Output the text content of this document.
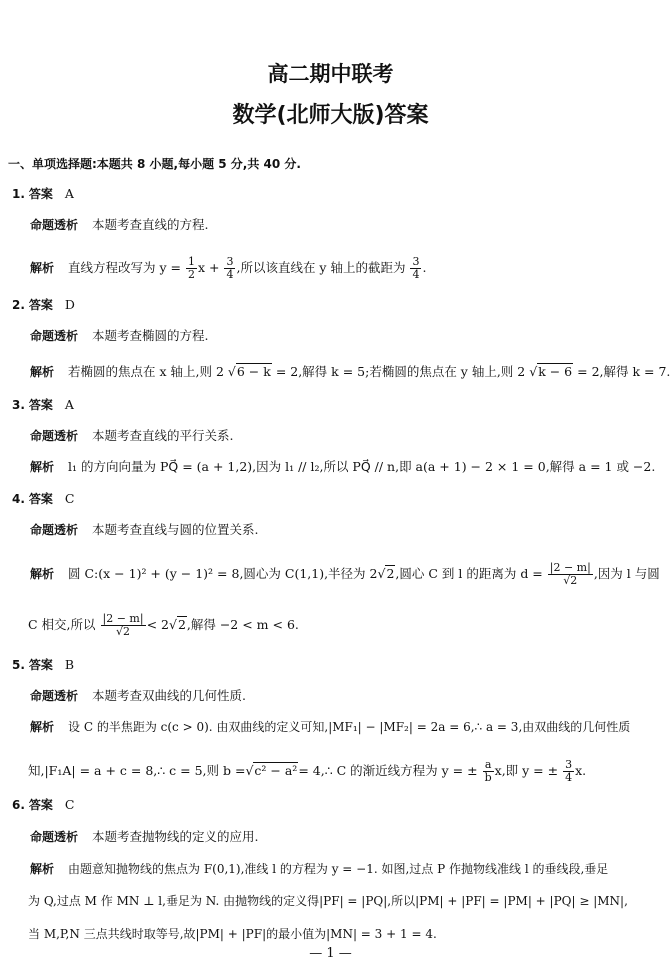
高二期中联考
数学(北师大版)答案
一、单项选择题:本题共 8 小题,每小题 5 分,共 40 分.
1. 答案 A
命题透析 本题考查直线的方程.
解析 直线方程改写为 $y = \frac{1}{2}$ $x + \frac{3}{4}$ ,所以该直线在 y 轴上的截距为 $\frac{3}{4}$ .
2. 答案 D
命题透析 本题考查椭圆的方程.
解析 若椭圆的焦点在 x 轴上,则 2 √6 − k = 2,解得 k = 5;若椭圆的焦点在 y 轴上,则 2 √k − 6 = 2,解得 k = 7.
3. 答案 A
命题透析 本题考查直线的平行关系.
解析 l₁ 的方向向量为 PQ⃗ = (a + 1,2),因为 l₁ // l₂,所以 PQ⃗ // n,即 a(a + 1) − 2 × 1 = 0,解得 a = 1 或 −2.
4. 答案 C
命题透析 本题考查直线与圆的位置关系.
解析 圆 C:(x − 1)² + (y − 1)² = 8,圆心为 C(1,1),半径为 2√2,圆心 C 到 l 的距离为 $d = \frac{|2 - m|}{√2}$ ,因为 l 与圆
C 相交,所以 $\frac{|2 - m|}{√2} < 2√2$,解得 −2 < m < 6.
5. 答案 B
命题透析 本题考查双曲线的几何性质.
解析 设 C 的半焦距为 c(c > 0). 由双曲线的定义可知,|MF₁| − |MF₂| = 2a = 6,∴ a = 3,由双曲线的几何性质
知,|F₁A| = a + c = 8,∴ c = 5,则 b =√c² − a²= 4,∴ C 的渐近线方程为 y = ± $\frac{a}{b} x$,即 y = ± $\frac{3}{4} x$.
6. 答案 C
命题透析 本题考查抛物线的定义的应用.
解析 由题意知抛物线的焦点为 F(0,1),准线 l 的方程为 y = −1. 如图,过点 P 作抛物线准线 l 的垂线段,垂足
为 Q,过点 M 作 MN ⊥ l,垂足为 N. 由抛物线的定义得|PF| = |PQ|,所以|PM| + |PF| = |PM| + |PQ| ≥ |MN|,
当 M,P,N 三点共线时取等号,故|PM| + |PF|的最小值为|MN| = 3 + 1 = 4.
— 1 —
